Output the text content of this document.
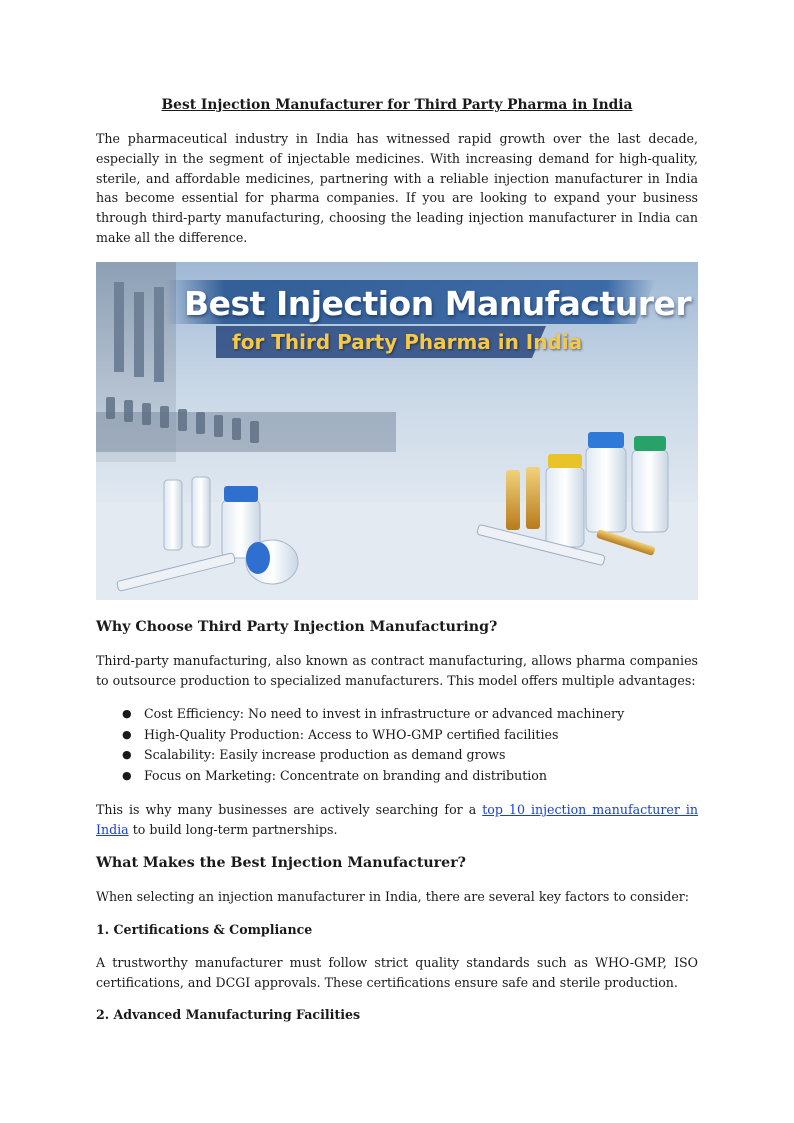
Best Injection Manufacturer for Third Party Pharma in India

The pharmaceutical industry in India has witnessed rapid growth over the last decade, especially in the segment of injectable medicines. With increasing demand for high-quality, sterile, and affordable medicines, partnering with a reliable injection manufacturer in India has become essential for pharma companies. If you are looking to expand your business through third-party manufacturing, choosing the leading injection manufacturer in India can make all the difference.

Best Injection Manufacturer
for Third Party Pharma in India
Why Choose Third Party Injection Manufacturing?

Third-party manufacturing, also known as contract manufacturing, allows pharma companies to outsource production to specialized manufacturers. This model offers multiple advantages:

● Cost Efficiency: No need to invest in infrastructure or advanced machinery
● High-Quality Production: Access to WHO-GMP certified facilities
● Scalability: Easily increase production as demand grows
● Focus on Marketing: Concentrate on branding and distribution

This is why many businesses are actively searching for a top 10 injection manufacturer in India to build long-term partnerships.

What Makes the Best Injection Manufacturer?

When selecting an injection manufacturer in India, there are several key factors to consider:

1. Certifications & Compliance

A trustworthy manufacturer must follow strict quality standards such as WHO-GMP, ISO certifications, and DCGI approvals. These certifications ensure safe and sterile production.

2. Advanced Manufacturing Facilities
